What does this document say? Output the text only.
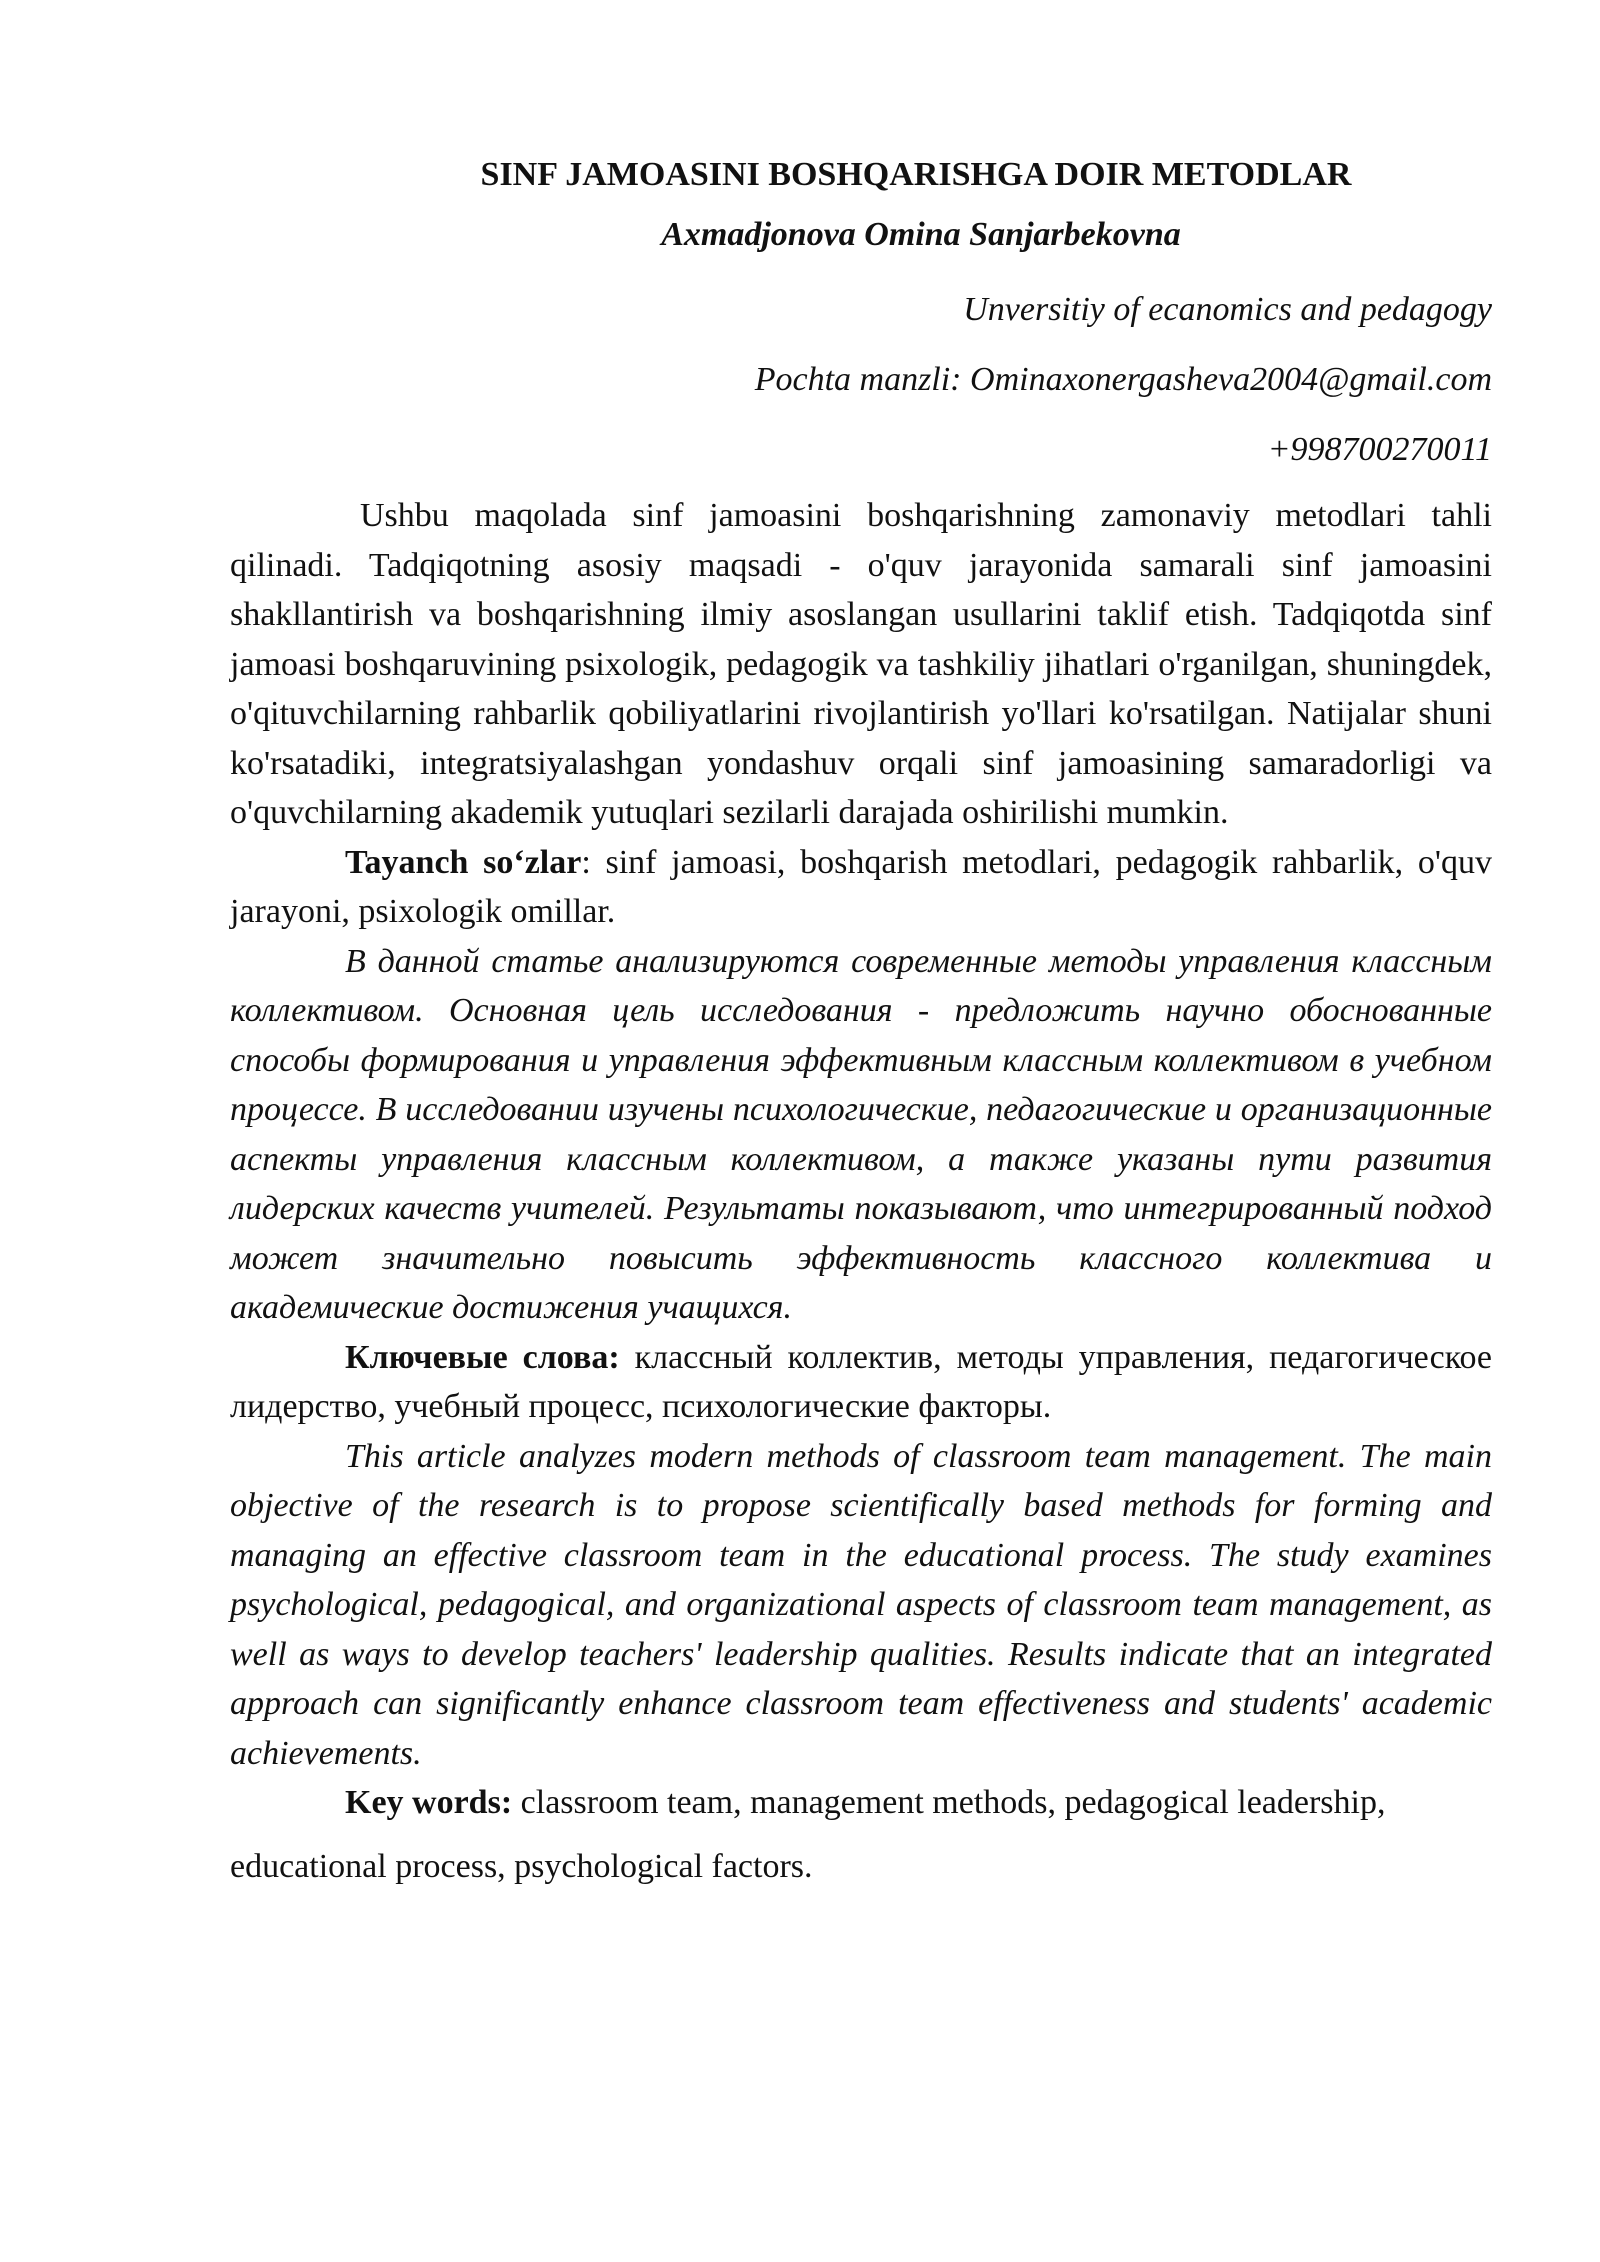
SINF JAMOASINI BOSHQARISHGA DOIR METODLAR

Axmadjonova Omina Sanjarbekovna

Unversitiy of ecanomics and pedagogy

Pochta manzli: Ominaxonergasheva2004@gmail.com

+998700270011

Ushbu maqolada sinf jamoasini boshqarishning zamonaviy metodlari tahli qilinadi. Tadqiqotning asosiy maqsadi - o'quv jarayonida samarali sinf jamoasini shakllantirish va boshqarishning ilmiy asoslangan usullarini taklif etish. Tadqiqotda sinf jamoasi boshqaruvining psixologik, pedagogik va tashkiliy jihatlari o'rganilgan, shuningdek, o'qituvchilarning rahbarlik qobiliyatlarini rivojlantirish yo'llari ko'rsatilgan. Natijalar shuni ko'rsatadiki, integratsiyalashgan yondashuv orqali sinf jamoasining samaradorligi va o'quvchilarning akademik yutuqlari sezilarli darajada oshirilishi mumkin.

Tayanch so‘zlar: sinf jamoasi, boshqarish metodlari, pedagogik rahbarlik, o'quv jarayoni, psixologik omillar.

В данной статье анализируются современные методы управления классным коллективом. Основная цель исследования - предложить научно обоснованные способы формирования и управления эффективным классным коллективом в учебном процессе. В исследовании изучены психологические, педагогические и организационные аспекты управления классным коллективом, а также указаны пути развития лидерских качеств учителей. Результаты показывают, что интегрированный подход может значительно повысить эффективность классного коллектива и академические достижения учащихся.

Ключевые слова: классный коллектив, методы управления, педагогическое лидерство, учебный процесс, психологические факторы.

This article analyzes modern methods of classroom team management. The main objective of the research is to propose scientifically based methods for forming and managing an effective classroom team in the educational process. The study examines psychological, pedagogical, and organizational aspects of classroom team management, as well as ways to develop teachers' leadership qualities. Results indicate that an integrated approach can significantly enhance classroom team effectiveness and students' academic achievements.

Key words: classroom team, management methods, pedagogical leadership,

educational process, psychological factors.
